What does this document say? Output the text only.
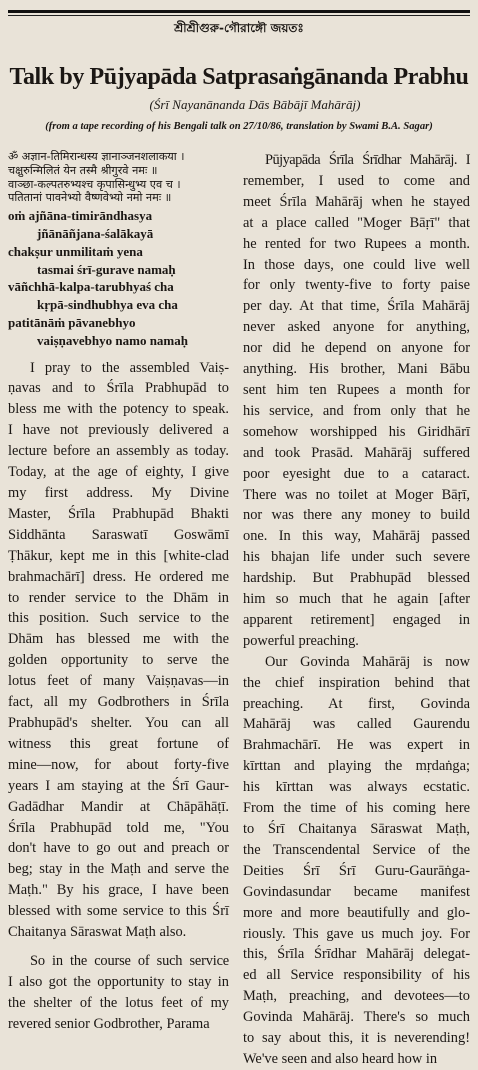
শ্রীশ্রীগুরু-গৌরাঙ্গৌ জয়তঃ
Talk by Pūjyapāda Satprasaṅgānanda Prabhu
(Śrī Nayanānanda Dās Bābājī Mahārāj)
(from a tape recording of his Bengali talk on 27/10/86, translation by Swami B.A. Sagar)

ॐ अज्ञान-तिमिरान्धस्य ज्ञानाञ्जनशलाकया ।

चक्षुरुन्मिलितं येन तस्मै श्रीगुरवे नमः ॥

वाञ्छा-कल्पतरुभ्यश्च कृपासिन्धुभ्य एव च ।

पतितानां पावनेभ्यो वैष्णवेभ्यो नमो नमः ॥

oṁ ajñāna-timirāndhasya
jñānāñjana-śalākayā
chakṣur unmilitaṁ yena
tasmai śrī-gurave namaḥ
vāñchhā-kalpa-tarubhyaś cha
kṛpā-sindhubhya eva cha
patitānāṁ pāvanebhyo
vaiṣṇavebhyo namo namaḥ
I pray to the assembled Vaiṣ-
ṇavas and to Śrīla Prabhupād to
bless me with the potency to speak.
I have not previously delivered a
lecture before an assembly as today.
Today, at the age of eighty, I give
my first address. My Divine
Master, Śrīla Prabhupād Bhakti
Siddhānta Saraswatī Goswāmī
Ṭhākur, kept me in this [white-clad
brahmachārī] dress. He ordered me
to render service to the Dhām in
this position. Such service to the
Dhām has blessed me with the
golden opportunity to serve the
lotus feet of many Vaiṣṇavas—in
fact, all my Godbrothers in Śrīla
Prabhupād's shelter. You can all
witness this great fortune of
mine—now, for about forty-five
years I am staying at the Śrī Gaur-
Gadādhar Mandir at Chāpāhāṭī.
Śrīla Prabhupād told me, "You
don't have to go out and preach or
beg; stay in the Maṭh and serve the
Maṭh." By his grace, I have been
blessed with some service to this Śrī
Chaitanya Sāraswat Maṭh also.
So in the course of such service
I also got the opportunity to stay in
the shelter of the lotus feet of my
revered senior Godbrother, Parama
Pūjyapāda Śrīla Śrīdhar Mahārāj. I
remember, I used to come and
meet Śrīla Mahārāj when he stayed
at a place called "Moger Bāṛī" that
he rented for two Rupees a month.
In those days, one could live well
for only twenty-five to forty paise
per day. At that time, Śrīla Mahārāj
never asked anyone for anything,
nor did he depend on anyone for
anything. His brother, Mani Bābu
sent him ten Rupees a month for
his service, and from only that he
somehow worshipped his Giridhārī
and took Prasād. Mahārāj suffered
poor eyesight due to a cataract.
There was no toilet at Moger Bāṛī,
nor was there any money to build
one. In this way, Mahārāj passed
his bhajan life under such severe
hardship. But Prabhupād blessed
him so much that he again [after
apparent retirement] engaged in
powerful preaching.
Our Govinda Mahārāj is now
the chief inspiration behind that
preaching. At first, Govinda
Mahārāj was called Gaurendu
Brahmachārī. He was expert in
kīrttan and playing the mṛdaṅga;
his kīrttan was always ecstatic.
From the time of his coming here
to Śrī Chaitanya Sāraswat Maṭh,
the Transcendental Service of the
Deities Śrī Śrī Guru-Gaurāṅga-
Govindasundar became manifest
more and more beautifully and glo-
riously. This gave us much joy. For
this, Śrīla Śrīdhar Mahārāj delegat-
ed all Service responsibility of his
Maṭh, preaching, and devotees—to
Govinda Mahārāj. There's so much
to say about this, it is neverending!
We've seen and also heard how in
